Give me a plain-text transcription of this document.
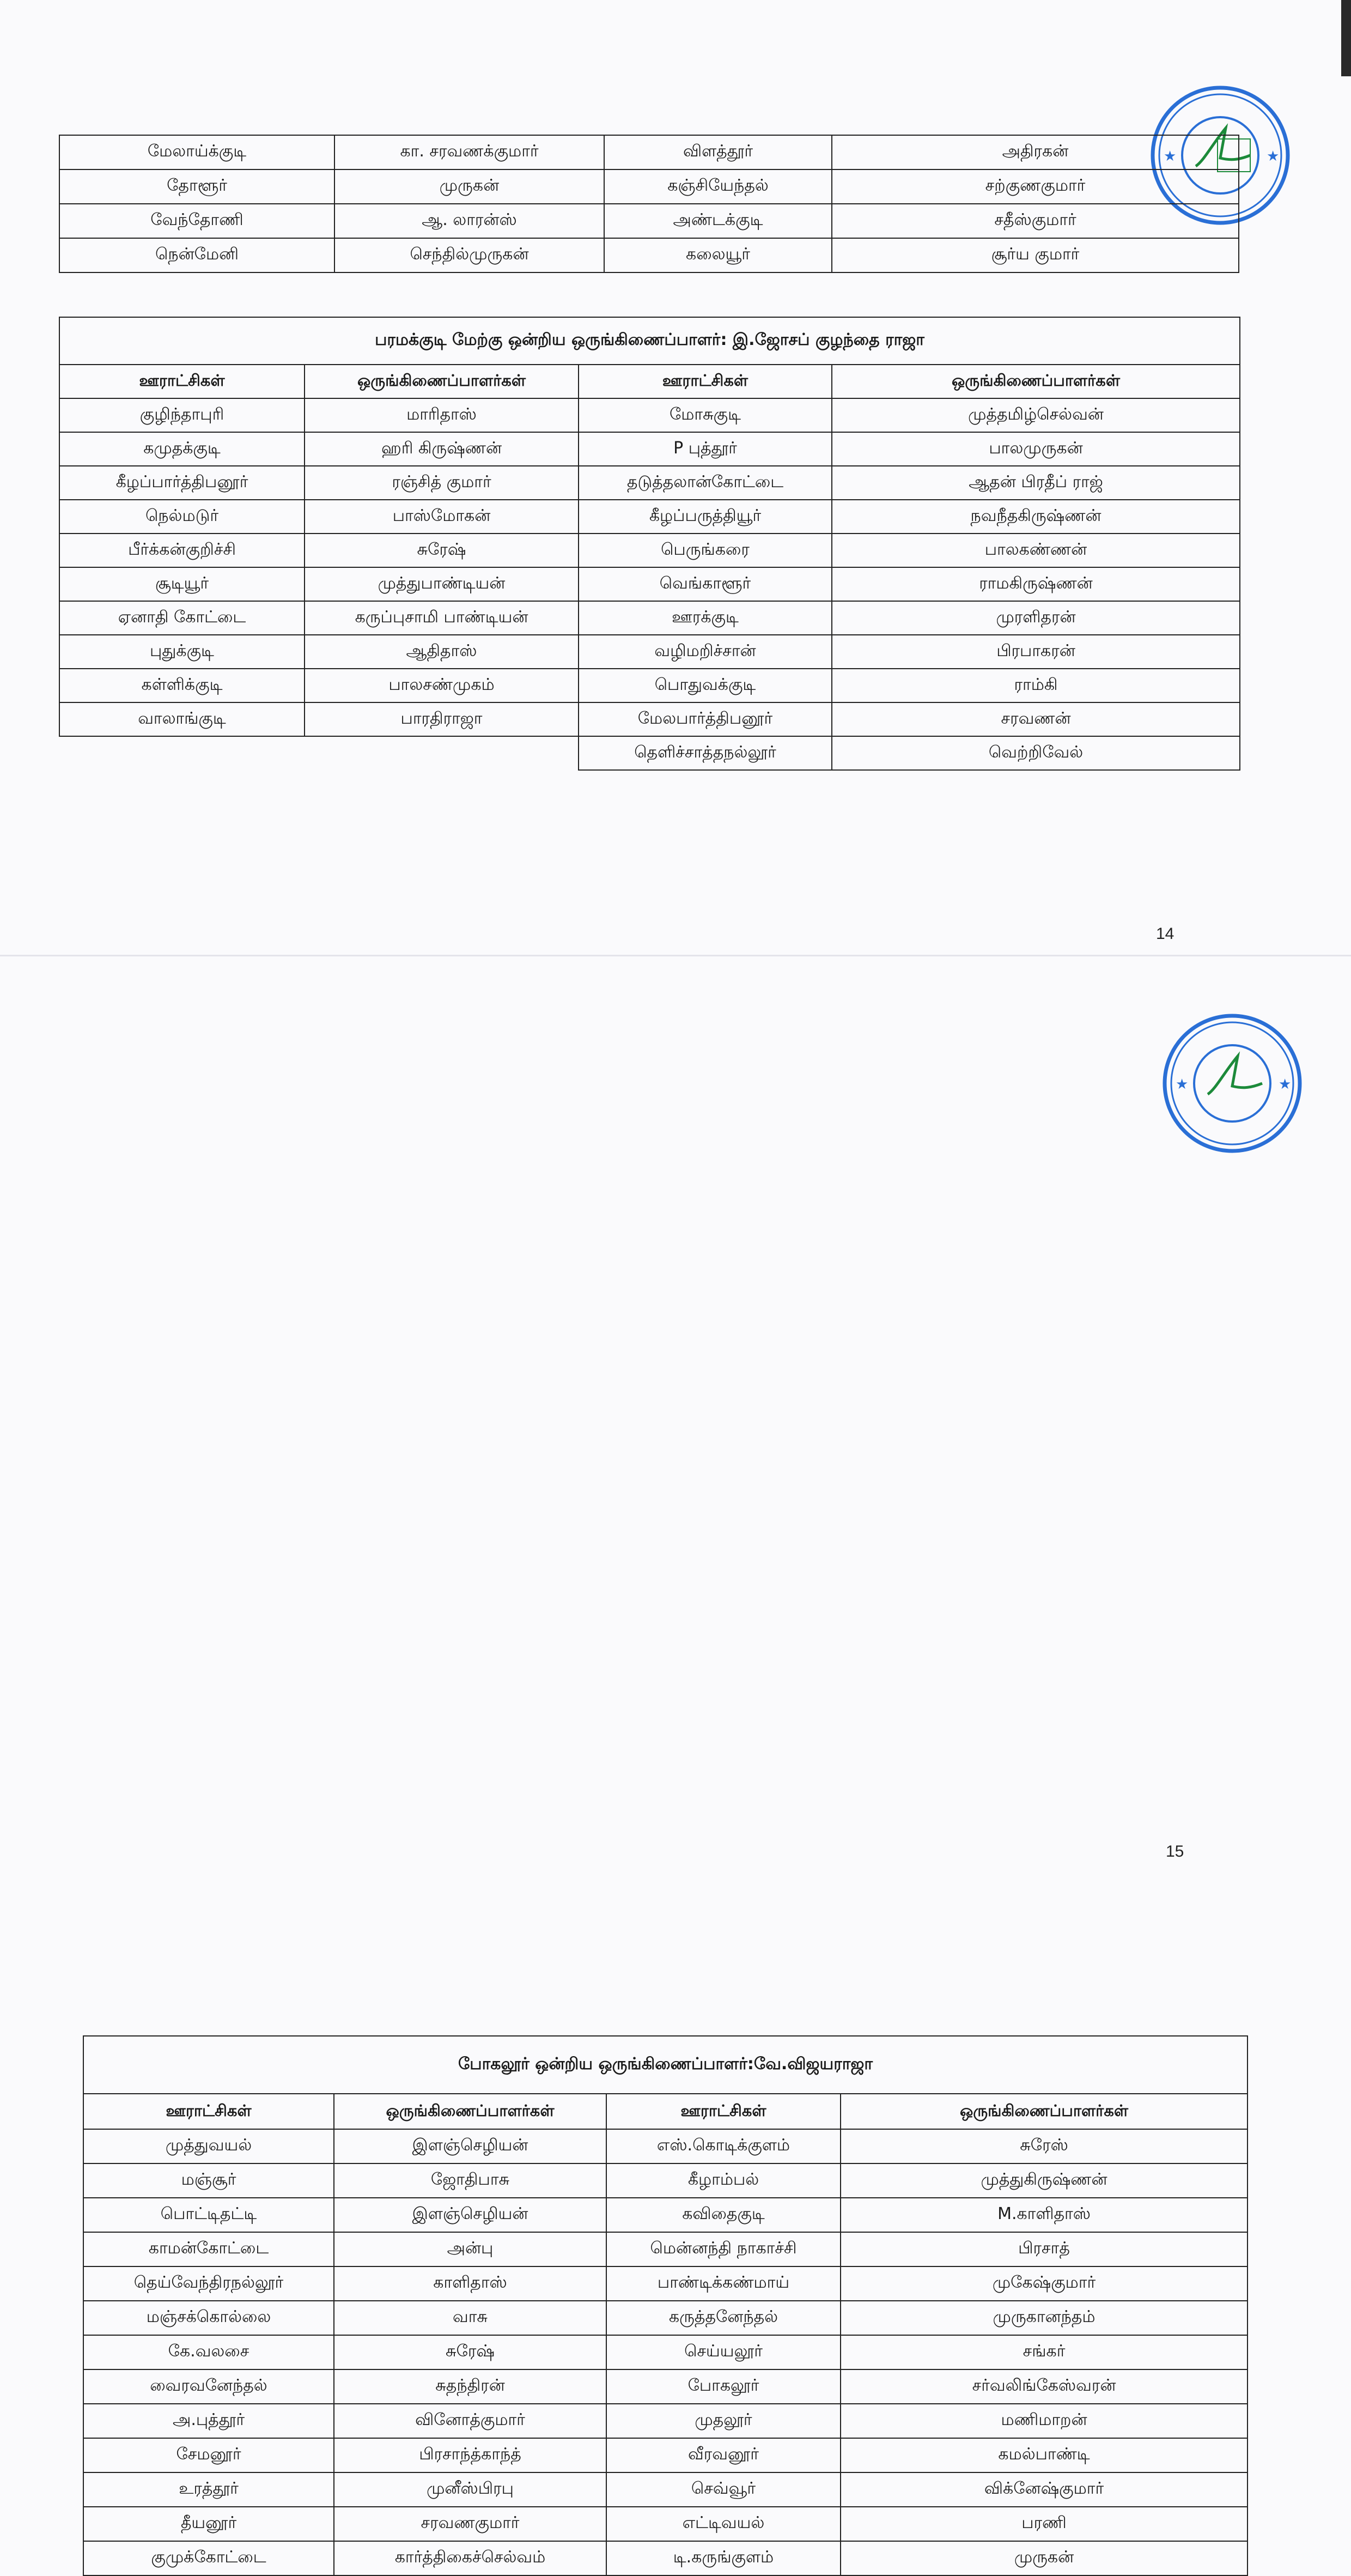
★	★
மேலாய்க்குடி	கா. சரவணக்குமார்	விளத்தூர்	அதிரகன்
தோளூர்	முருகன்	கஞ்சியேந்தல்	சற்குணகுமார்
வேந்தோணி	ஆ. லாரன்ஸ்	அண்டக்குடி	சதீஸ்குமார்
நென்மேனி	செந்தில்முருகன்	கலையூர்	சூர்ய குமார்
பரமக்குடி மேற்கு ஒன்றிய ஒருங்கிணைப்பாளர்: இ.ஜோசப் குழந்தை ராஜா			
ஊராட்சிகள்	ஒருங்கிணைப்பாளர்கள்	ஊராட்சிகள்	ஒருங்கிணைப்பாளர்கள்
குழிந்தாபுரி	மாரிதாஸ்	மோசுகுடி	முத்தமிழ்செல்வன்
கமுதக்குடி	ஹரி கிருஷ்ணன்	P புத்தூர்	பாலமுருகன்
கீழப்பார்த்திபனூர்	ரஞ்சித் குமார்	தடுத்தலான்கோட்டை	ஆதன் பிரதீப் ராஜ்
நெல்மடுர்	பாஸ்மோகன்	கீழப்பருத்தியூர்	நவநீதகிருஷ்ணன்
பீர்க்கன்குறிச்சி	சுரேஷ்	பெருங்கரை	பாலகண்ணன்
சூடியூர்	முத்துபாண்டியன்	வெங்காளூர்	ராமகிருஷ்ணன்
ஏனாதி கோட்டை	கருப்புசாமி பாண்டியன்	ஊரக்குடி	முரளிதரன்
புதுக்குடி	ஆதிதாஸ்	வழிமறிச்சான்	பிரபாகரன்
கள்ளிக்குடி	பாலசண்முகம்	பொதுவக்குடி	ராம்கி
வாலாங்குடி	பாரதிராஜா	மேலபார்த்திபனூர்	சரவணன்
		தெளிச்சாத்தநல்லூர்	வெற்றிவேல்
14
★	★
போகலூர் ஒன்றிய ஒருங்கிணைப்பாளர்:வே.விஜயராஜா			
ஊராட்சிகள்	ஒருங்கிணைப்பாளர்கள்	ஊராட்சிகள்	ஒருங்கிணைப்பாளர்கள்
முத்துவயல்	இளஞ்செழியன்	எஸ்.கொடிக்குளம்	சுரேஸ்
மஞ்சூர்	ஜோதிபாசு	கீழாம்பல்	முத்துகிருஷ்ணன்
பொட்டிதட்டி	இளஞ்செழியன்	கவிதைகுடி	M.காளிதாஸ்
காமன்கோட்டை	அன்பு	மென்னந்தி நாகாச்சி	பிரசாத்
தெய்வேந்திரநல்லூர்	காளிதாஸ்	பாண்டிக்கண்மாய்	முகேஷ்குமார்
மஞ்சக்கொல்லை	வாசு	கருத்தனேந்தல்	முருகானந்தம்
கே.வலசை	சுரேஷ்	செய்யலூர்	சங்கர்
வைரவனேந்தல்	சுதந்திரன்	போகலூர்	சர்வலிங்கேஸ்வரன்
அ.புத்தூர்	வினோத்குமார்	முதலூர்	மணிமாறன்
சேமனூர்	பிரசாந்த்காந்த்	வீரவனூர்	கமல்பாண்டி
உரத்தூர்	முனீஸ்பிரபு	செவ்வூர்	விக்னேஷ்குமார்
தீயனூர்	சரவணகுமார்	எட்டிவயல்	பரணி
குமுக்கோட்டை	கார்த்திகைச்செல்வம்	டி.கருங்குளம்	முருகன்
15
